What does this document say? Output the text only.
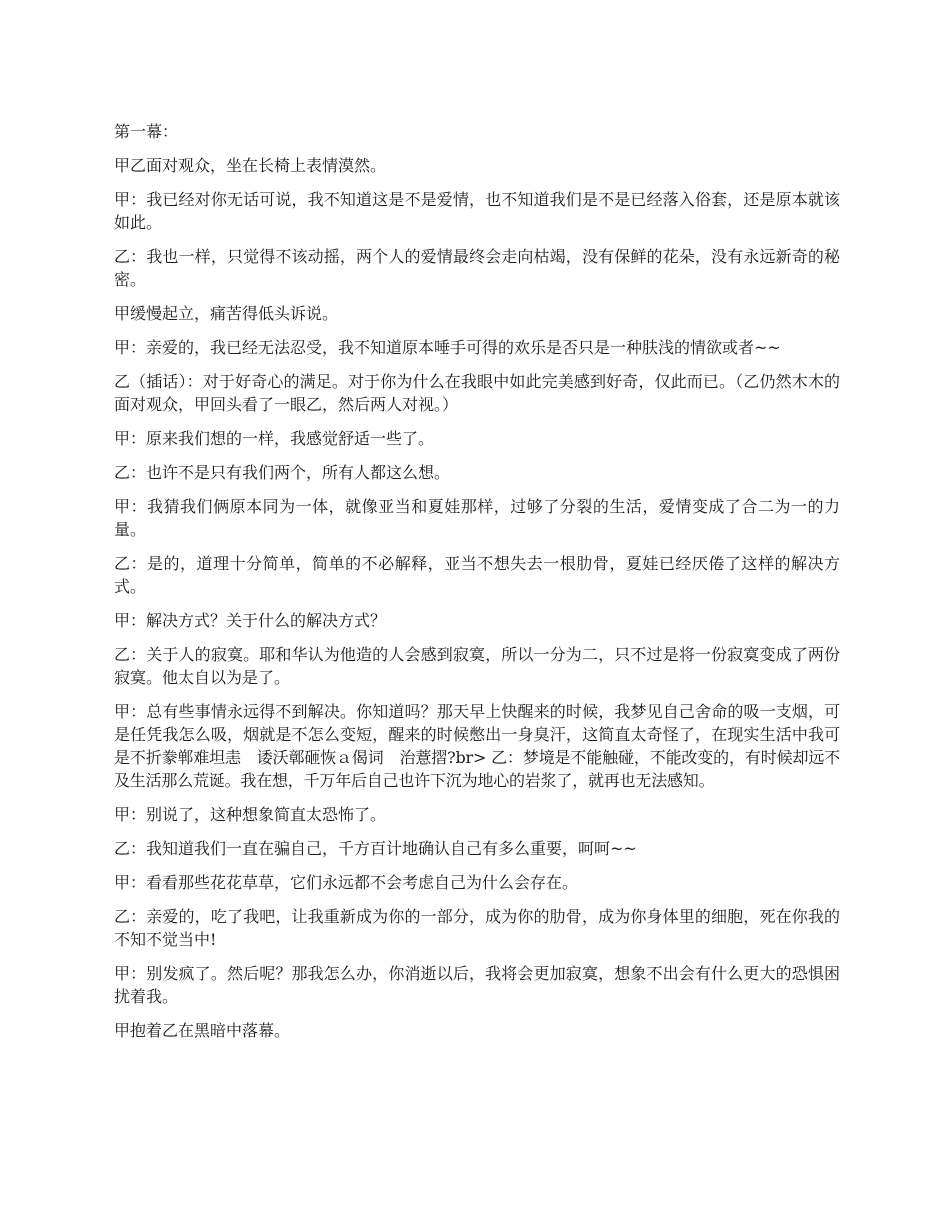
第一幕：

甲乙面对观众，坐在长椅上表情漠然。

甲：我已经对你无话可说，我不知道这是不是爱情，也不知道我们是不是已经落入俗套，还是原本就该如此。

乙：我也一样，只觉得不该动摇，两个人的爱情最终会走向枯竭，没有保鲜的花朵，没有永远新奇的秘密。

甲缓慢起立，痛苦得低头诉说。

甲：亲爱的，我已经无法忍受，我不知道原本唾手可得的欢乐是否只是一种肤浅的情欲或者~~

乙（插话）：对于好奇心的满足。对于你为什么在我眼中如此完美感到好奇，仅此而已。（乙仍然木木的面对观众，甲回头看了一眼乙，然后两人对视。）

甲：原来我们想的一样，我感觉舒适一些了。

乙：也许不是只有我们两个，所有人都这么想。

甲：我猜我们俩原本同为一体，就像亚当和夏娃那样，过够了分裂的生活，爱情变成了合二为一的力量。

乙：是的，道理十分简单，简单的不必解释，亚当不想失去一根肋骨，夏娃已经厌倦了这样的解决方式。

甲：解决方式？关于什么的解决方式？

乙：关于人的寂寞。耶和华认为他造的人会感到寂寞，所以一分为二，只不过是将一份寂寞变成了两份寂寞。他太自以为是了。

甲：总有些事情永远得不到解决。你知道吗？那天早上快醒来的时候，我梦见自己舍命的吸一支烟，可是任凭我怎么吸，烟就是不怎么变短，醒来的时候憋出一身臭汗，这简直太奇怪了，在现实生活中我可是不折豢郸难坦恚　诿沃鄣砸恢ａ偈词　治薏摺?br> 乙：梦境是不能触碰，不能改变的，有时候却远不及生活那么荒诞。我在想，千万年后自己也许下沉为地心的岩浆了，就再也无法感知。

甲：别说了，这种想象简直太恐怖了。

乙：我知道我们一直在骗自己，千方百计地确认自己有多么重要，呵呵~~

甲：看看那些花花草草，它们永远都不会考虑自己为什么会存在。

乙：亲爱的，吃了我吧，让我重新成为你的一部分，成为你的肋骨，成为你身体里的细胞，死在你我的不知不觉当中!

甲：别发疯了。然后呢？那我怎么办，你消逝以后，我将会更加寂寞，想象不出会有什么更大的恐惧困扰着我。

甲抱着乙在黑暗中落幕。
